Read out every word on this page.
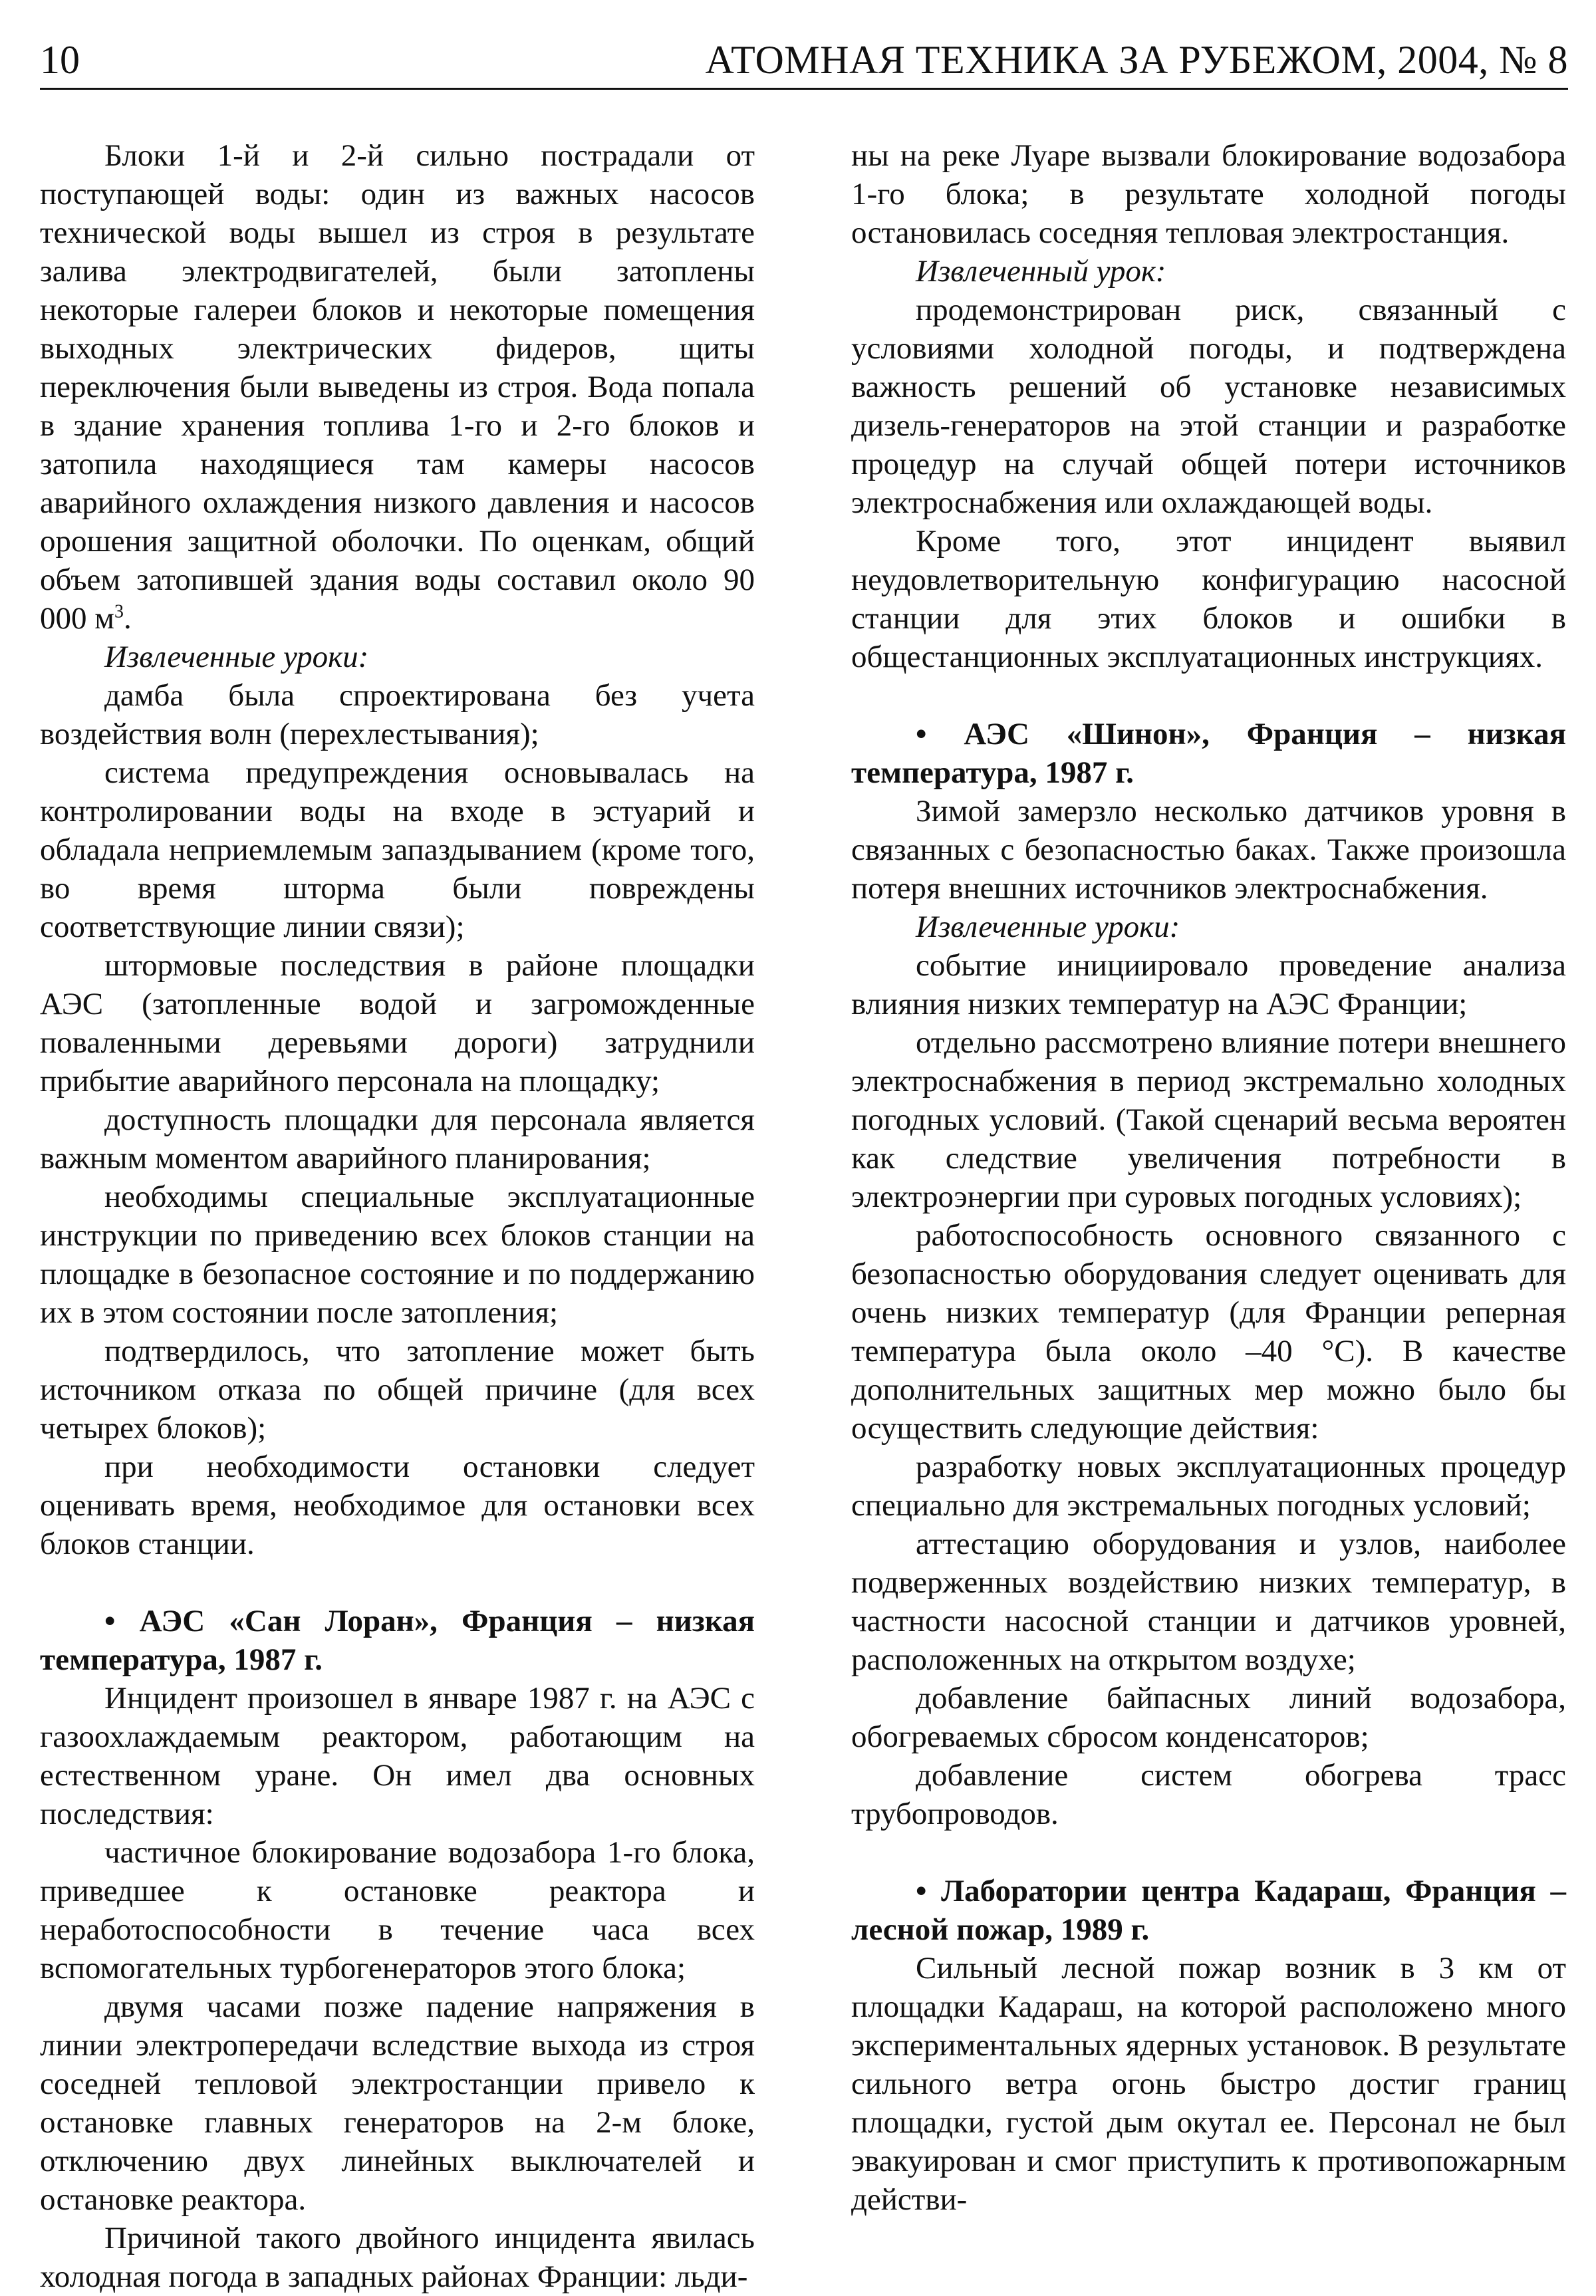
10	АТОМНАЯ ТЕХНИКА ЗА РУБЕЖОМ, 2004, № 8

Блоки 1-й и 2-й сильно пострадали от поступающей воды: один из важных насосов технической воды вышел из строя в результате залива электродвигателей, были затоплены некоторые галереи блоков и некоторые помещения выходных электрических фидеров, щиты переключения были выведены из строя. Вода попала в здание хранения топлива 1-го и 2-го блоков и затопила находящиеся там камеры насосов аварийного охлаждения низкого давления и насосов орошения защитной оболочки. По оценкам, общий объем затопившей здания воды составил около 90 000 $м^3$.

Извлеченные уроки:

дамба была спроектирована без учета воздействия волн (перехлестывания);

система предупреждения основывалась на контролировании воды на входе в эстуарий и обладала неприемлемым запаздыванием (кроме того, во время шторма были повреждены соответствующие линии связи);

штормовые последствия в районе площадки АЭС (затопленные водой и загроможденные поваленными деревьями дороги) затруднили прибытие аварийного персонала на площадку;

доступность площадки для персонала является важным моментом аварийного планирования;

необходимы специальные эксплуатационные инструкции по приведению всех блоков станции на площадке в безопасное состояние и по поддержанию их в этом состоянии после затопления;

подтвердилось, что затопление может быть источником отказа по общей причине (для всех четырех блоков);

при необходимости остановки следует оценивать время, необходимое для остановки всех блоков станции.

• АЭС «Сан Лоран», Франция – низкая температура, 1987 г.

Инцидент произошел в январе 1987 г. на АЭС с газоохлаждаемым реактором, работающим на естественном уране. Он имел два основных последствия:

частичное блокирование водозабора 1-го блока, приведшее к остановке реактора и неработоспособности в течение часа всех вспомогательных турбогенераторов этого блока;

двумя часами позже падение напряжения в линии электропередачи вследствие выхода из строя соседней тепловой электростанции привело к остановке главных генераторов на 2-м блоке, отключению двух линейных выключателей и остановке реактора.

Причиной такого двойного инцидента явилась холодная погода в западных районах Франции: льди-

ны на реке Луаре вызвали блокирование водозабора 1-го блока; в результате холодной погоды остановилась соседняя тепловая электростанция.

Извлеченный урок:

продемонстрирован риск, связанный с условиями холодной погоды, и подтверждена важность решений об установке независимых дизель-генераторов на этой станции и разработке процедур на случай общей потери источников электроснабжения или охлаждающей воды.

Кроме того, этот инцидент выявил неудовлетворительную конфигурацию насосной станции для этих блоков и ошибки в общестанционных эксплуатационных инструкциях.

• АЭС «Шинон», Франция – низкая температура, 1987 г.

Зимой замерзло несколько датчиков уровня в связанных с безопасностью баках. Также произошла потеря внешних источников электроснабжения.

Извлеченные уроки:

событие инициировало проведение анализа влияния низких температур на АЭС Франции;

отдельно рассмотрено влияние потери внешнего электроснабжения в период экстремально холодных погодных условий. (Такой сценарий весьма вероятен как следствие увеличения потребности в электроэнергии при суровых погодных условиях);

работоспособность основного связанного с безопасностью оборудования следует оценивать для очень низких температур (для Франции реперная температура была около –40 °С). В качестве дополнительных защитных мер можно было бы осуществить следующие действия:

разработку новых эксплуатационных процедур специально для экстремальных погодных условий;

аттестацию оборудования и узлов, наиболее подверженных воздействию низких температур, в частности насосной станции и датчиков уровней, расположенных на открытом воздухе;

добавление байпасных линий водозабора, обогреваемых сбросом конденсаторов;

добавление систем обогрева трасс трубопроводов.

• Лаборатории центра Кадараш, Франция – лесной пожар, 1989 г.

Сильный лесной пожар возник в 3 км от площадки Кадараш, на которой расположено много экспериментальных ядерных установок. В результате сильного ветра огонь быстро достиг границ площадки, густой дым окутал ее. Персонал не был эвакуирован и смог приступить к противопожарным действи-
